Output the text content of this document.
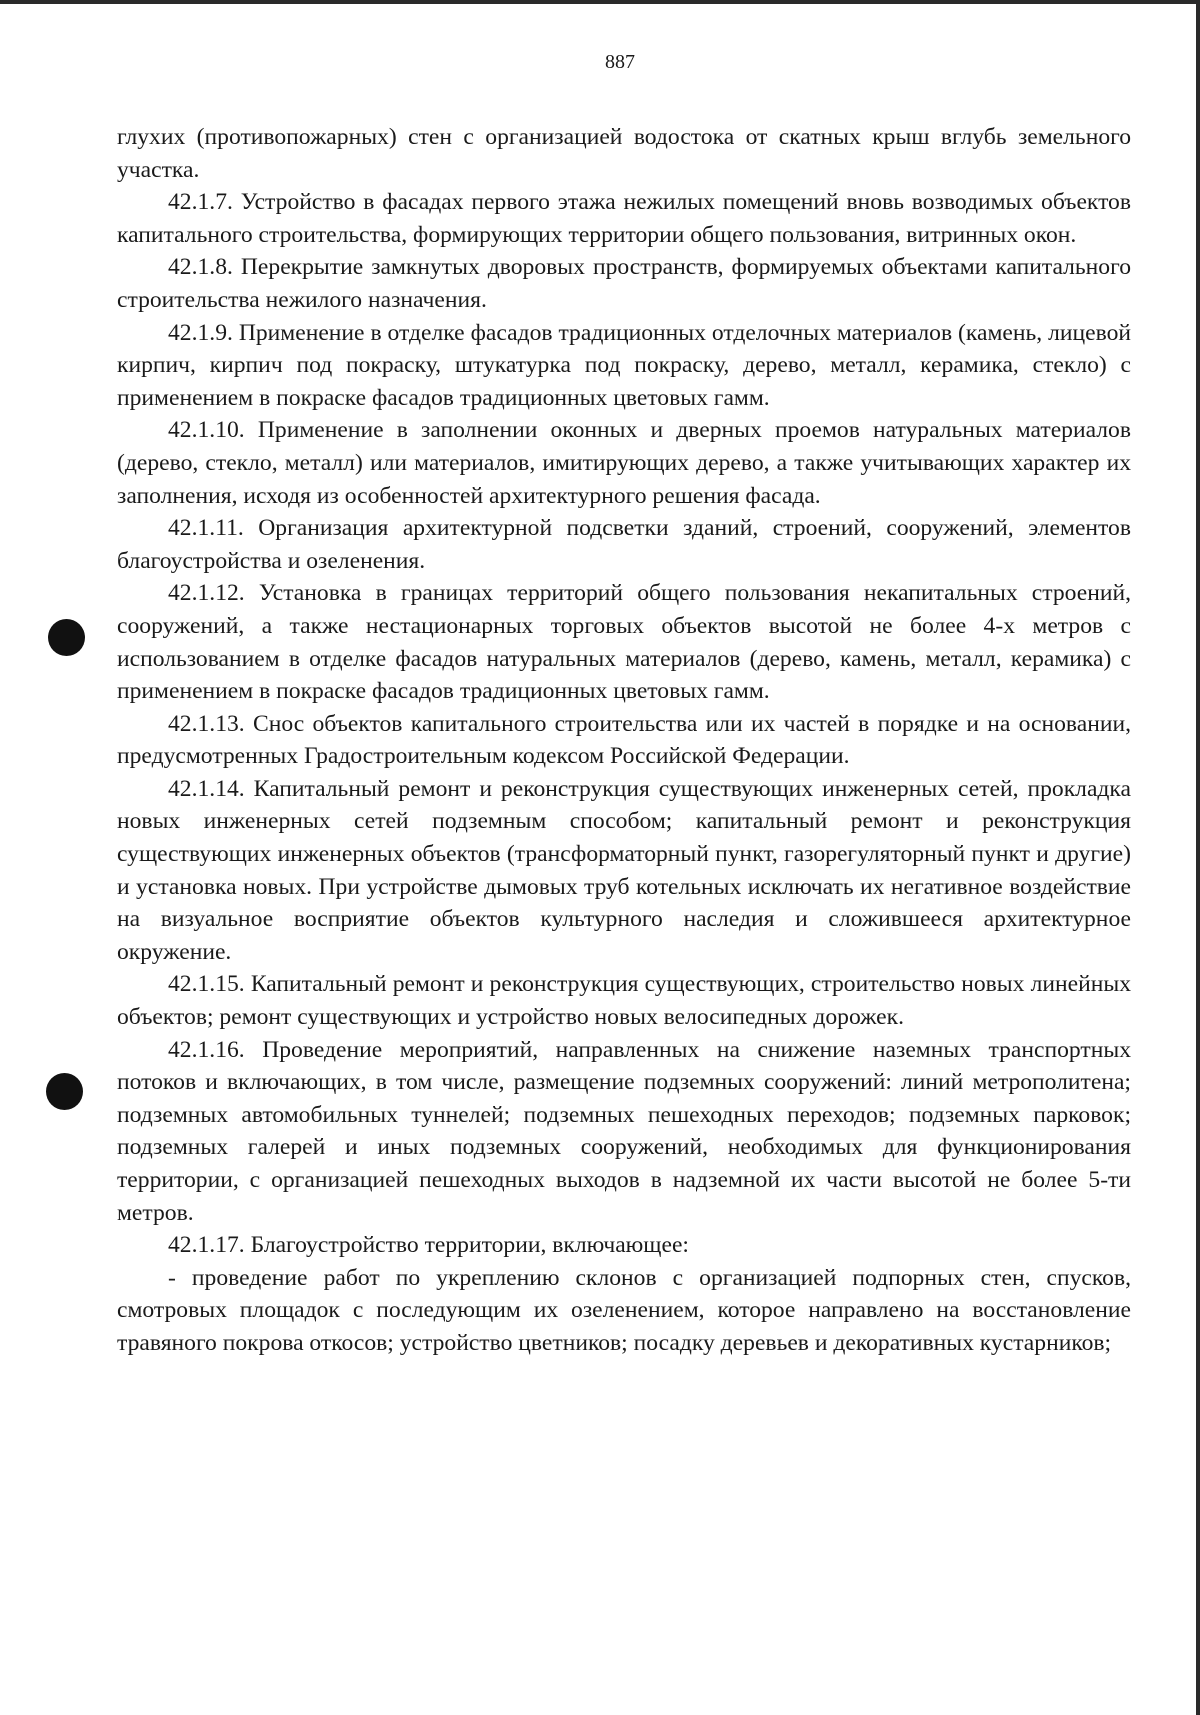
887

глухих (противопожарных) стен с организацией водостока от скатных крыш вглубь земельного участка.

42.1.7. Устройство в фасадах первого этажа нежилых помещений вновь возводимых объектов капитального строительства, формирующих территории общего пользования, витринных окон.

42.1.8. Перекрытие замкнутых дворовых пространств, формируемых объектами капитального строительства нежилого назначения.

42.1.9. Применение в отделке фасадов традиционных отделочных материалов (камень, лицевой кирпич, кирпич под покраску, штукатурка под покраску, дерево, металл, керамика, стекло) с применением в покраске фасадов традиционных цветовых гамм.

42.1.10. Применение в заполнении оконных и дверных проемов натуральных материалов (дерево, стекло, металл) или материалов, имитирующих дерево, а также учитывающих характер их заполнения, исходя из особенностей архитектурного решения фасада.

42.1.11. Организация архитектурной подсветки зданий, строений, сооружений, элементов благоустройства и озеленения.

42.1.12. Установка в границах территорий общего пользования некапитальных строений, сооружений, а также нестационарных торговых объектов высотой не более 4-х метров с использованием в отделке фасадов натуральных материалов (дерево, камень, металл, керамика) с применением в покраске фасадов традиционных цветовых гамм.

42.1.13. Снос объектов капитального строительства или их частей в порядке и на основании, предусмотренных Градостроительным кодексом Российской Федерации.

42.1.14. Капитальный ремонт и реконструкция существующих инженерных сетей, прокладка новых инженерных сетей подземным способом; капитальный ремонт и реконструкция существующих инженерных объектов (трансформаторный пункт, газорегуляторный пункт и другие) и установка новых. При устройстве дымовых труб котельных исключать их негативное воздействие на визуальное восприятие объектов культурного наследия и сложившееся архитектурное окружение.

42.1.15. Капитальный ремонт и реконструкция существующих, строительство новых линейных объектов; ремонт существующих и устройство новых велосипедных дорожек.

42.1.16. Проведение мероприятий, направленных на снижение наземных транспортных потоков и включающих, в том числе, размещение подземных сооружений: линий метрополитена; подземных автомобильных туннелей; подземных пешеходных переходов; подземных парковок; подземных галерей и иных подземных сооружений, необходимых для функционирования территории, с организацией пешеходных выходов в надземной их части высотой не более 5-ти метров.

42.1.17. Благоустройство территории, включающее:

- проведение работ по укреплению склонов с организацией подпорных стен, спусков, смотровых площадок с последующим их озеленением, которое направлено на восстановление травяного покрова откосов; устройство цветников; посадку деревьев и декоративных кустарников;
